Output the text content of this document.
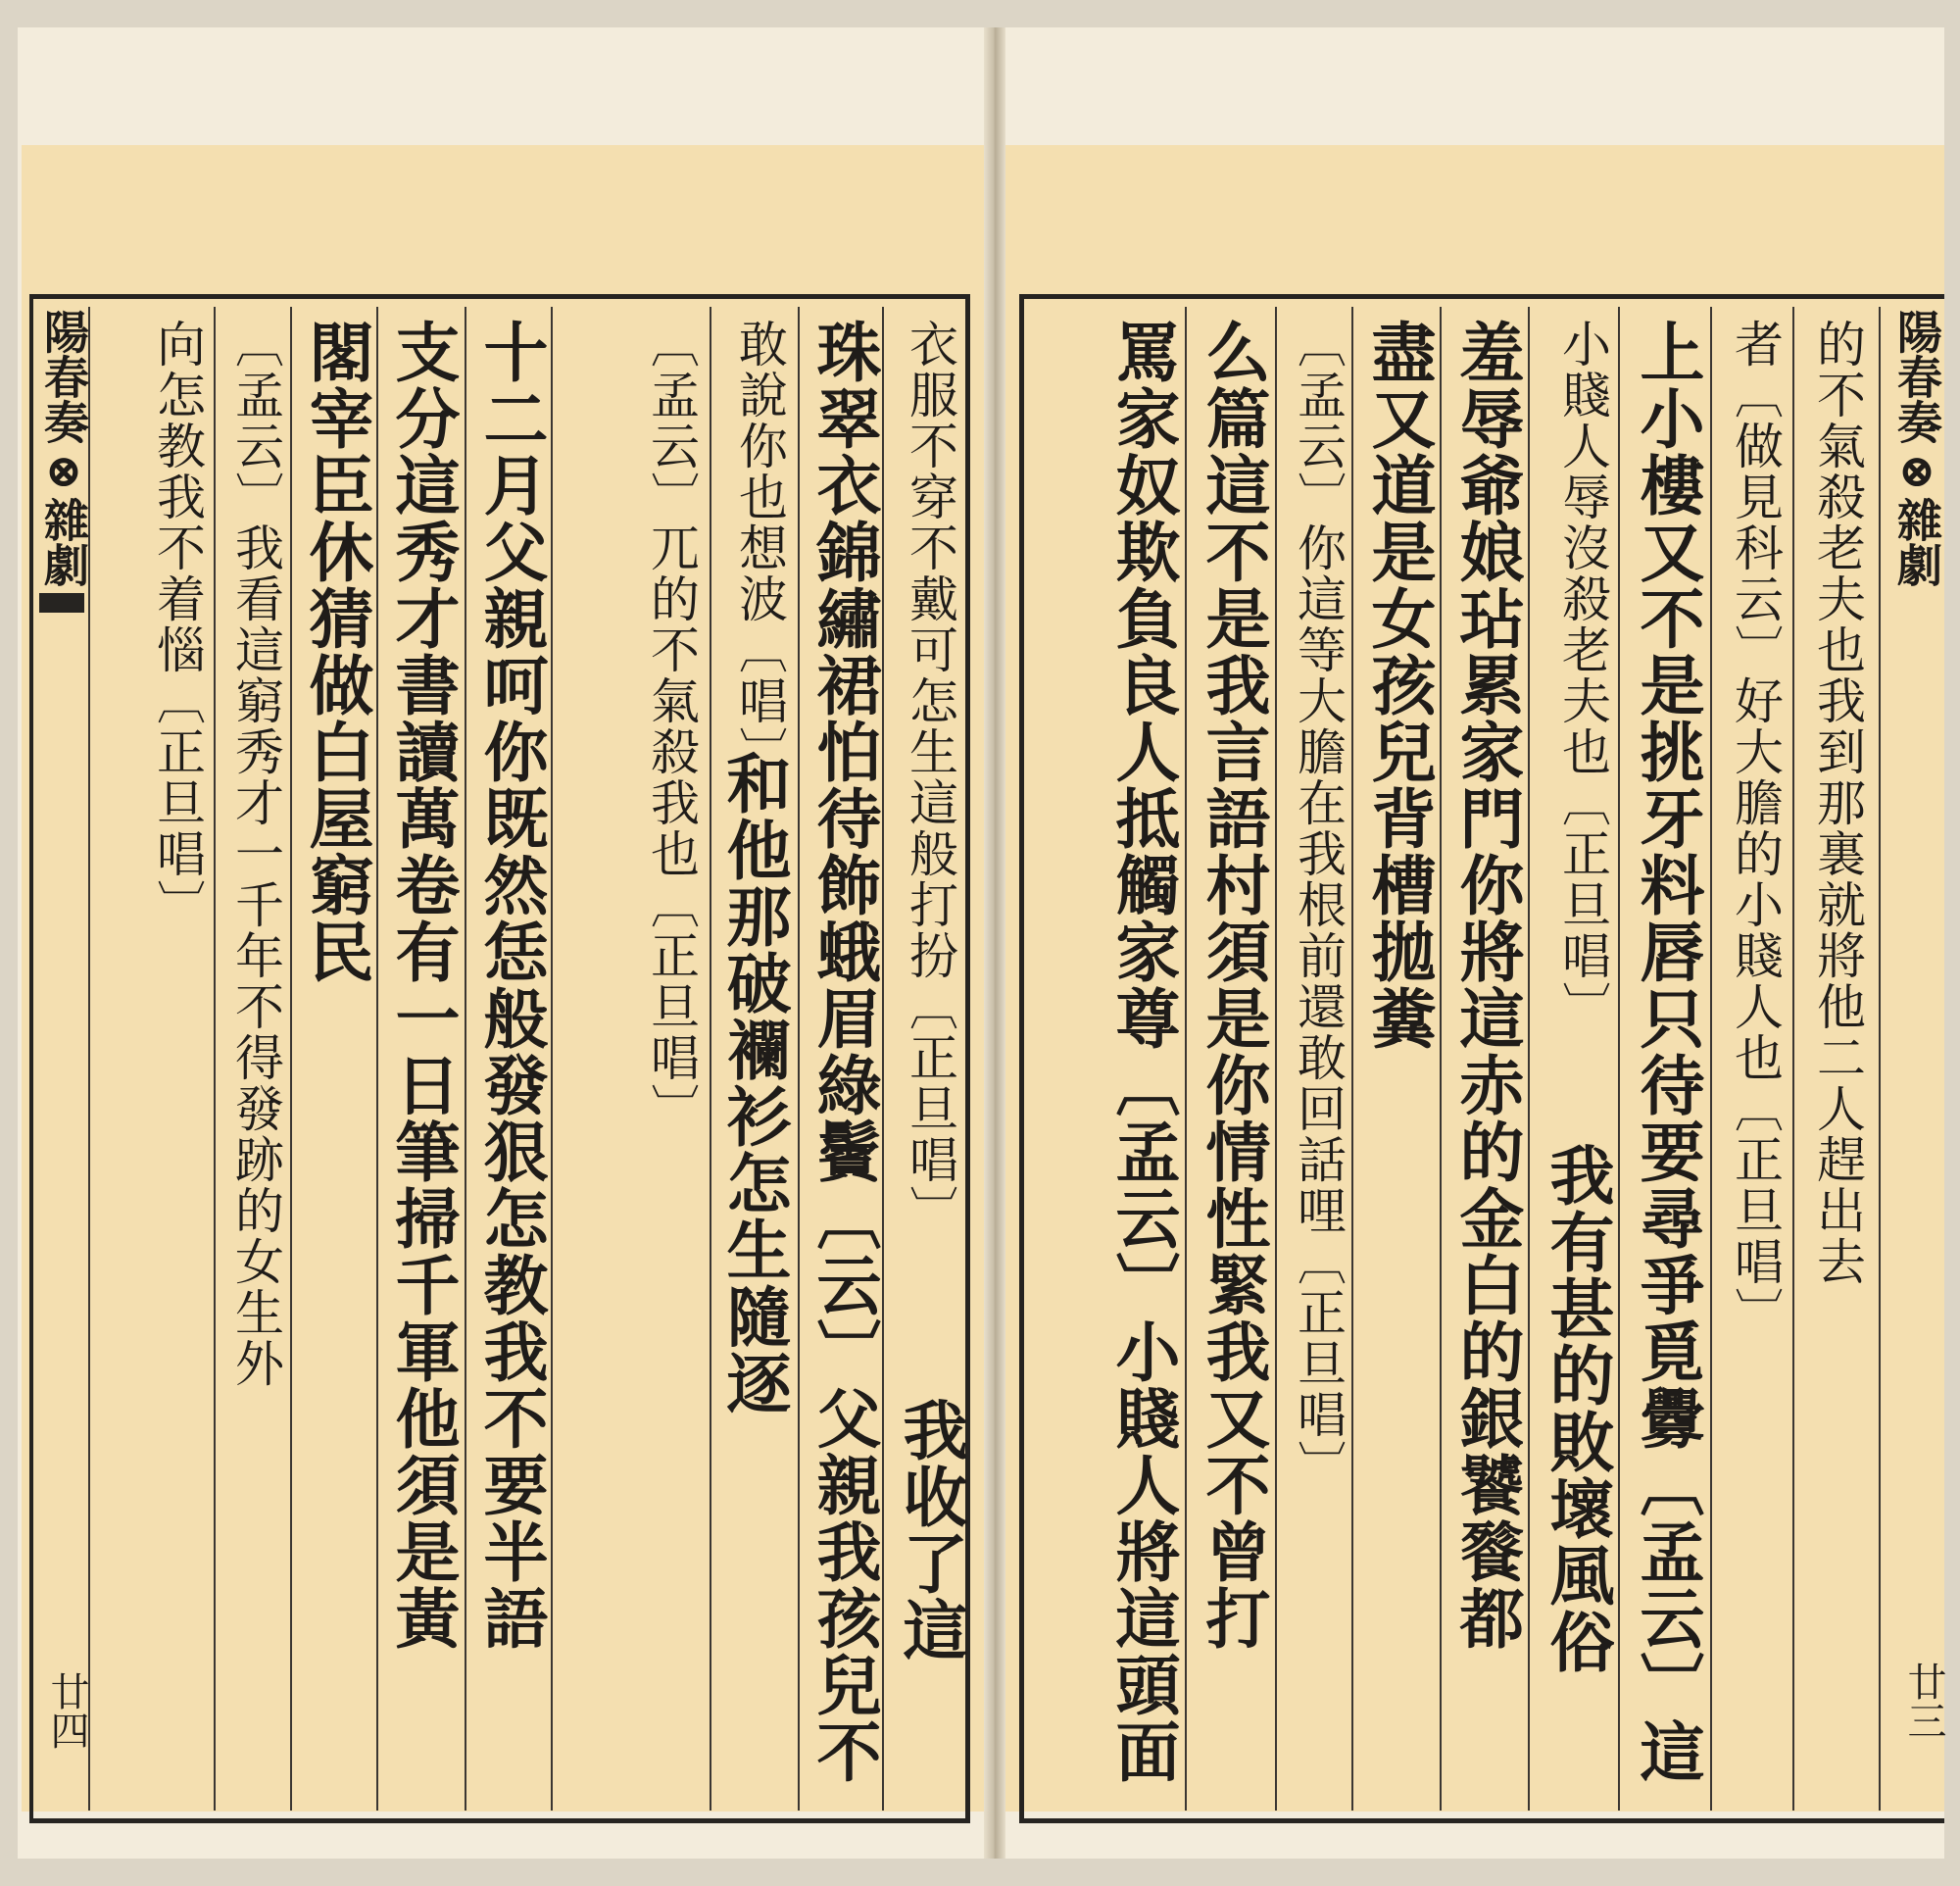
陽春奏⊗雜劇
廿四
衣服不穿不戴可怎生這般打扮〔正旦唱〕
我收了這
珠翠衣錦繡裙怕待飾蛾眉綠鬢〔云〕父親我孩兒不
敢說你也想波〔唱〕
和他那破襴衫怎生隨逐
〔孟云〕兀的不氣殺我也〔正旦唱〕
十二月父親呵你既然恁般發狠怎教我不要半語
支分這秀才書讀萬卷有一日筆掃千軍他須是黃
閣宰臣休猜做白屋窮民
〔孟云〕我看這窮秀才一千年不得發跡的女生外
向怎教我不着惱〔正旦唱〕	陽春奏⊗雜劇
廿三
的不氣殺老夫也我到那裏就將他二人趕出去
者〔做見科云〕好大膽的小賤人也〔正旦唱〕
上小樓又不是挑牙料唇只待要尋爭覓釁〔孟云〕這
小賤人辱沒殺老夫也〔正旦唱〕
我有甚的敗壞風俗
羞辱爺娘玷累家門你將這赤的金白的銀饕餮都
盡又道是女孩兒背槽拋糞
〔孟云〕你這等大膽在我根前還敢回話哩〔正旦唱〕
么篇這不是我言語村須是你情性緊我又不曾打
罵家奴欺負良人抵觸家尊〔孟云〕小賤人將這頭面
